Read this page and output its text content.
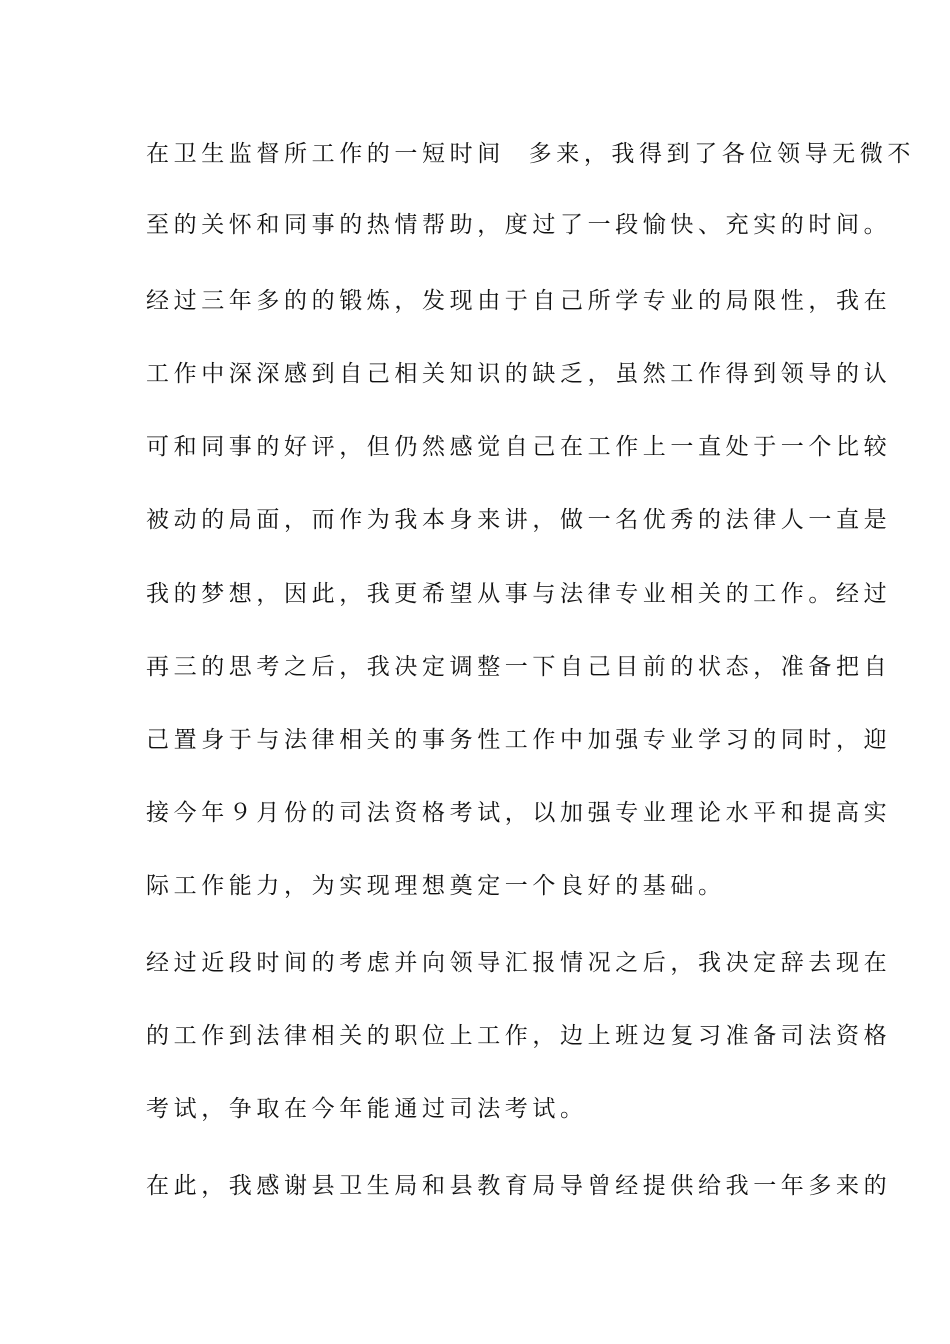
在卫生监督所工作的一短时间  多来，我得到了各位领导无微不
至的关怀和同事的热情帮助，度过了一段愉快、充实的时间。
经过三年多的的锻炼，发现由于自己所学专业的局限性，我在
工作中深深感到自己相关知识的缺乏，虽然工作得到领导的认
可和同事的好评，但仍然感觉自己在工作上一直处于一个比较
被动的局面，而作为我本身来讲，做一名优秀的法律人一直是
我的梦想，因此，我更希望从事与法律专业相关的工作。经过
再三的思考之后，我决定调整一下自己目前的状态，准备把自
己置身于与法律相关的事务性工作中加强专业学习的同时，迎
接今年９月份的司法资格考试，以加强专业理论水平和提高实
际工作能力，为实现理想奠定一个良好的基础。
经过近段时间的考虑并向领导汇报情况之后，我决定辞去现在
的工作到法律相关的职位上工作，边上班边复习准备司法资格
考试，争取在今年能通过司法考试。
在此，我感谢县卫生局和县教育局导曾经提供给我一年多来的
